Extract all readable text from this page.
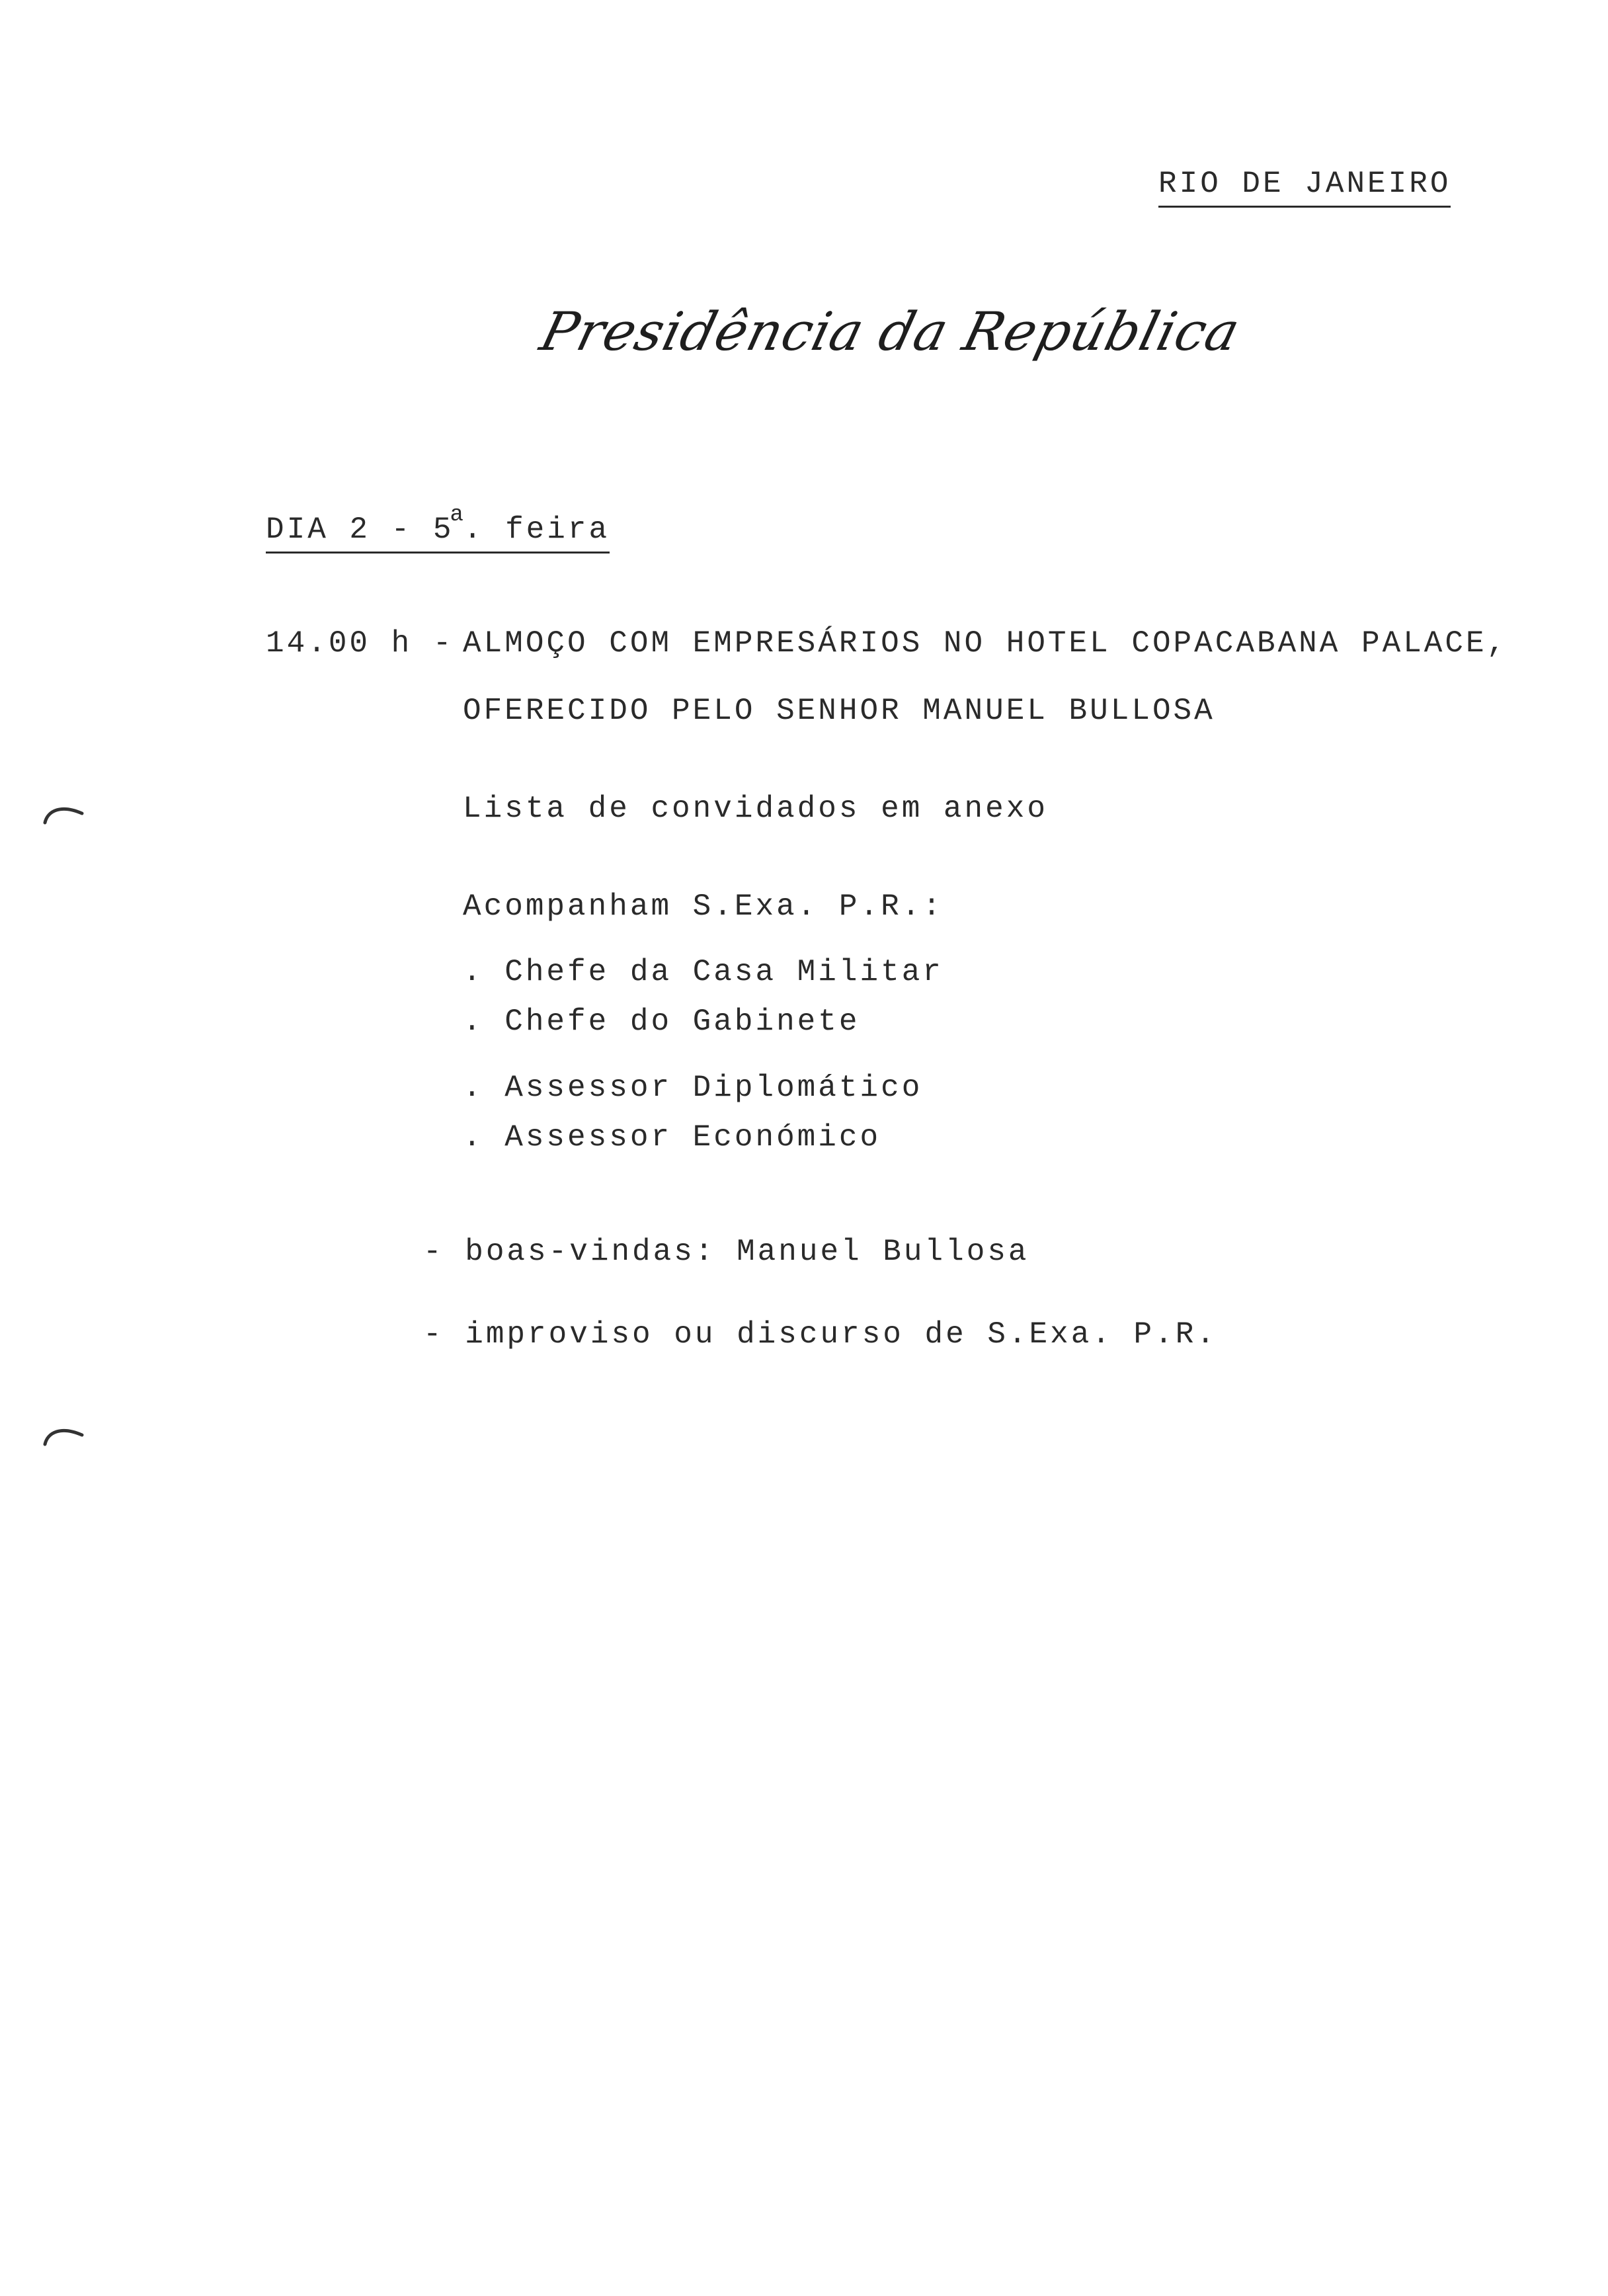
RIO DE JANEIRO
Presidência da República
DIA 2 - 5$^a$. feira
14.00 h - ALMOÇO COM EMPRESÁRIOS NO HOTEL COPACABANA PALACE,
OFERECIDO PELO SENHOR MANUEL BULLOSA
Lista de convidados em anexo
Acompanham S.Exa. P.R.:
. Chefe da Casa Militar
. Chefe do Gabinete
. Assessor Diplomático
. Assessor Económico
- boas-vindas: Manuel Bullosa
- improviso ou discurso de S.Exa. P.R.
